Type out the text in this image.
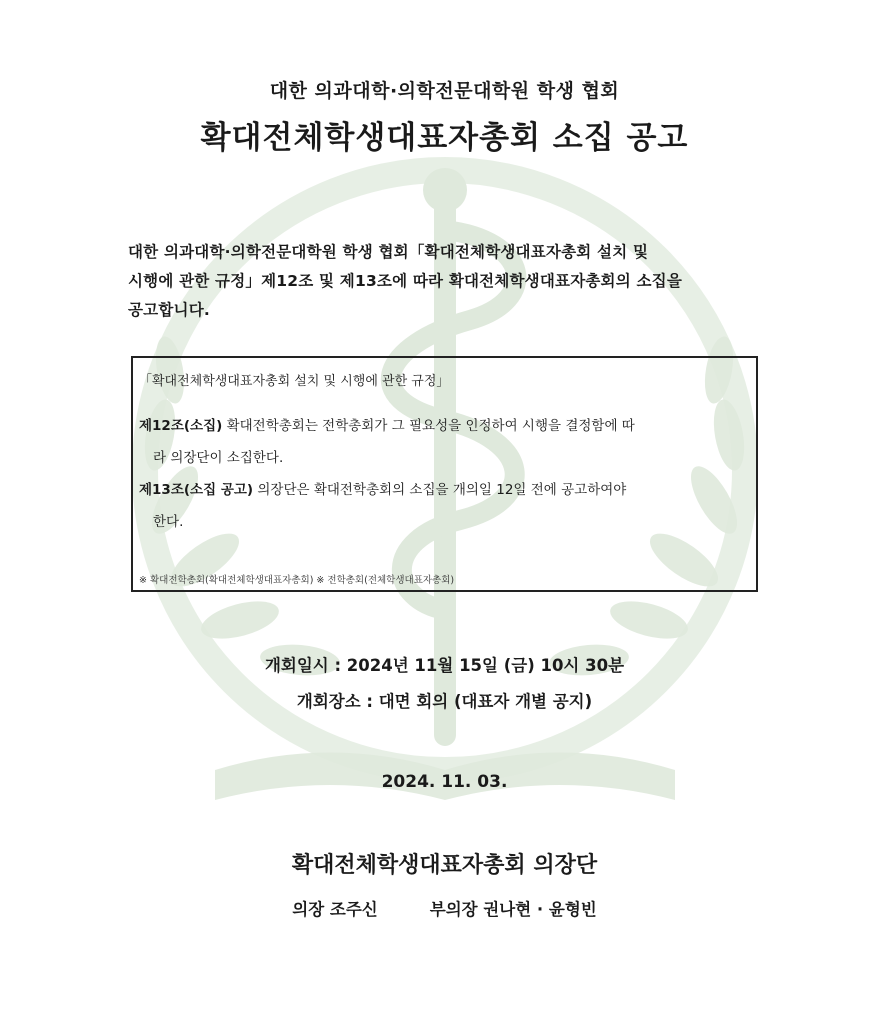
대한 의과대학·의학전문대학원 학생 협회
확대전체학생대표자총회 소집 공고

대한 의과대학·의학전문대학원 학생 협회「확대전체학생대표자총회 설치 및

시행에 관한 규정」제12조 및 제13조에 따라 확대전체학생대표자총회의 소집을

공고합니다.

「확대전체학생대표자총회 설치 및 시행에 관한 규정」

제12조(소집) 확대전학총회는 전학총회가 그 필요성을 인정하여 시행을 결정함에 따

라 의장단이 소집한다.

제13조(소집 공고) 의장단은 확대전학총회의 소집을 개의일 12일 전에 공고하여야

한다.

※ 확대전학총회(확대전체학생대표자총회) ※ 전학총회(전체학생대표자총회)
개회일시 : 2024년 11월 15일 (금) 10시 30분
개회장소 : 대면 회의 (대표자 개별 공지)
2024. 11. 03.
확대전체학생대표자총회 의장단
의장 조주신	부의장 권나현 · 윤형빈
